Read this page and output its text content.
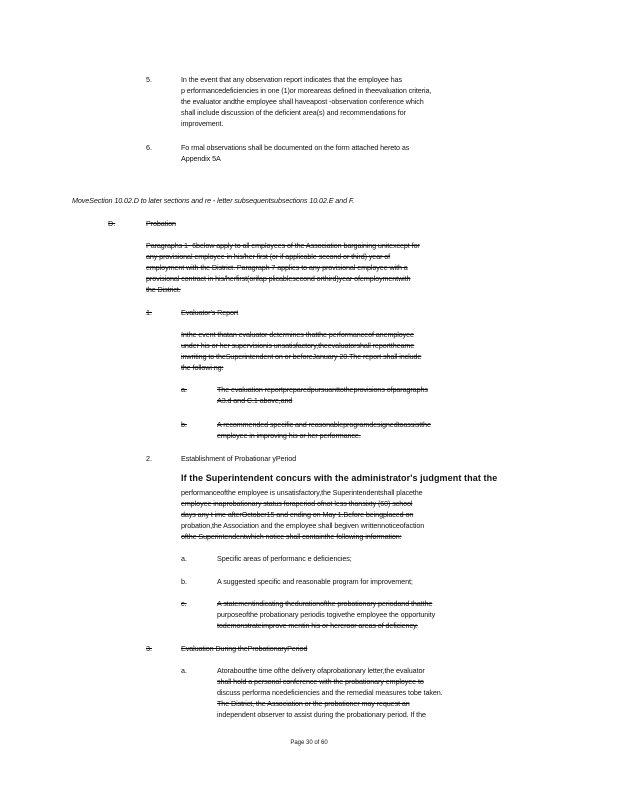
5.	In the event that any observation report indicates that the employee has
p erformancedeficiencies in one (1)or moreareas defined in theevaluation criteria,
the evaluator andthe employee shall haveapost -observation conference which
shall include discussion of the deficient area(s) and recommendations for
improvement.
6.	Fo rmal observations shall be documented on the form attached hereto as
Appendix 5A
MoveSection 10.02.D to later sections and re - letter subsequentsubsections 10.02.E and F.
D.	Probation
Paragraphs 1- 6below apply to all employees of the Association bargaining unitexcept for
any provisional employee in his/her first (or if applicable second or third) year of
employment with the District. Paragraph 7 applies to any provisional employee with a
provisional contract in his/herfirst(orifap plicablesecond orthird)year ofemploymentwith
the District.
1.	Evaluator's Report
Inthe event thatan evaluator determines thatthe performanceof anemployee
under his or her supervisionis unsatisfactory,theevaluatorshall reporttheame
inwriting to theSuperintendent on or beforeJanuary 20.The report shall include
the followi ng:
a.	The evaluation reportpreparedpursuanttotheprovisions ofparagraphs
A3.d and C.1 above,and
b.	A recommended specific and reasonableprogramdesignedtoassistthe
employee in improving his or her performance.
2.	Establishment of Probationar yPeriod
If the Superintendent concurs with the administrator's judgment that the
performanceofthe employee is unsatisfactory,the Superintendentshall placethe
employee inaprobationary status foraperiod ofnot less thansixty (60) school
days any t ime afterOctober15 and ending on May 1.Before beingplaced on
probation,the Association and the employee shall begiven writtennoticeofaction
ofthe Superintendentwhich notice shall containthe following information:
a.	Specific areas of performanc e deficiencies;
b.	A suggested specific and reasonable program for improvement;
c.	A statementindicating thedurationofthe probationary periodand thatthe
purposeofthe probationary periodis togivethe employee the opportunity
todemonstrateimprove mentin his or hereroor areas of deficiency.
3.	Evaluation During theProbationaryPeriod
a.	Atoraboutthe time ofthe delivery ofaprobationary letter,the evaluator
shall hold a personal conference with the probationary employee to
discuss performa ncedeficiencies and the remedial measures tobe taken.
The District, the Association or the probationer may request an
independent observer to assist during the probationary period. If the
Page 30 of 60
